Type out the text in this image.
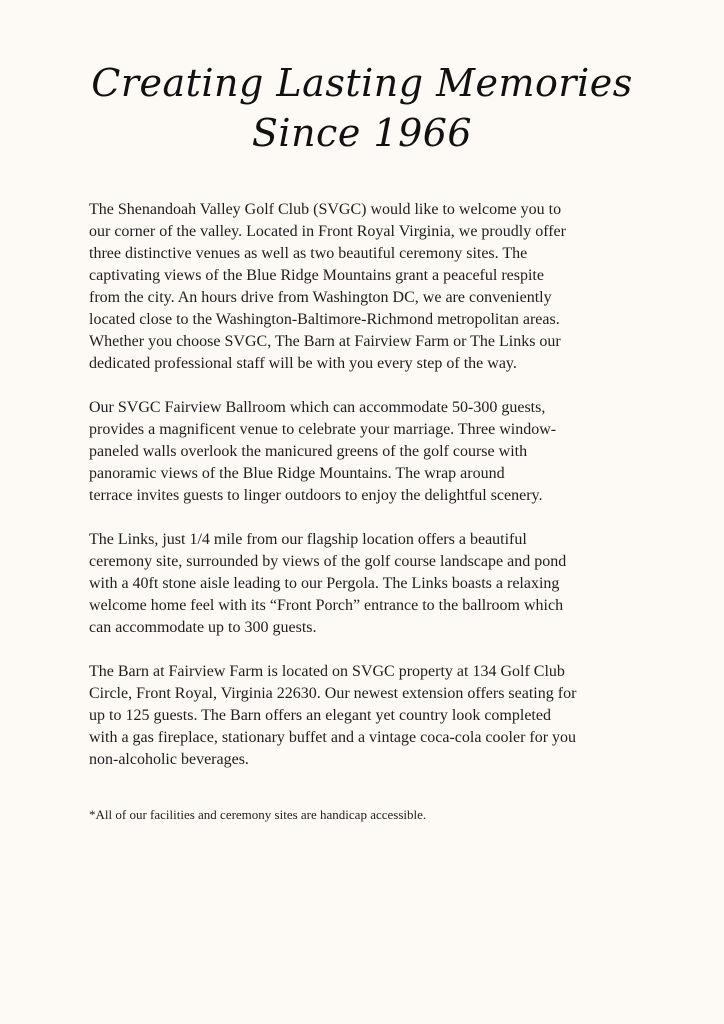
Creating Lasting Memories
Since 1966

The Shenandoah Valley Golf Club (SVGC) would like to welcome you to
our corner of the valley. Located in Front Royal Virginia, we proudly offer
three distinctive venues as well as two beautiful ceremony sites. The
captivating views of the Blue Ridge Mountains grant a peaceful respite
from the city. An hours drive from Washington DC, we are conveniently
located close to the Washington-Baltimore-Richmond metropolitan areas.
Whether you choose SVGC, The Barn at Fairview Farm or The Links our
dedicated professional staff will be with you every step of the way.

Our SVGC Fairview Ballroom which can accommodate 50-300 guests,
provides a magnificent venue to celebrate your marriage. Three window-
paneled walls overlook the manicured greens of the golf course with
panoramic views of the Blue Ridge Mountains. The wrap around
terrace invites guests to linger outdoors to enjoy the delightful scenery.

The Links, just 1/4 mile from our flagship location offers a beautiful
ceremony site, surrounded by views of the golf course landscape and pond
with a 40ft stone aisle leading to our Pergola. The Links boasts a relaxing
welcome home feel with its “Front Porch” entrance to the ballroom which
can accommodate up to 300 guests.

The Barn at Fairview Farm is located on SVGC property at 134 Golf Club
Circle, Front Royal, Virginia 22630. Our newest extension offers seating for
up to 125 guests. The Barn offers an elegant yet country look completed
with a gas fireplace, stationary buffet and a vintage coca-cola cooler for you
non-alcoholic beverages.

*All of our facilities and ceremony sites are handicap accessible.
